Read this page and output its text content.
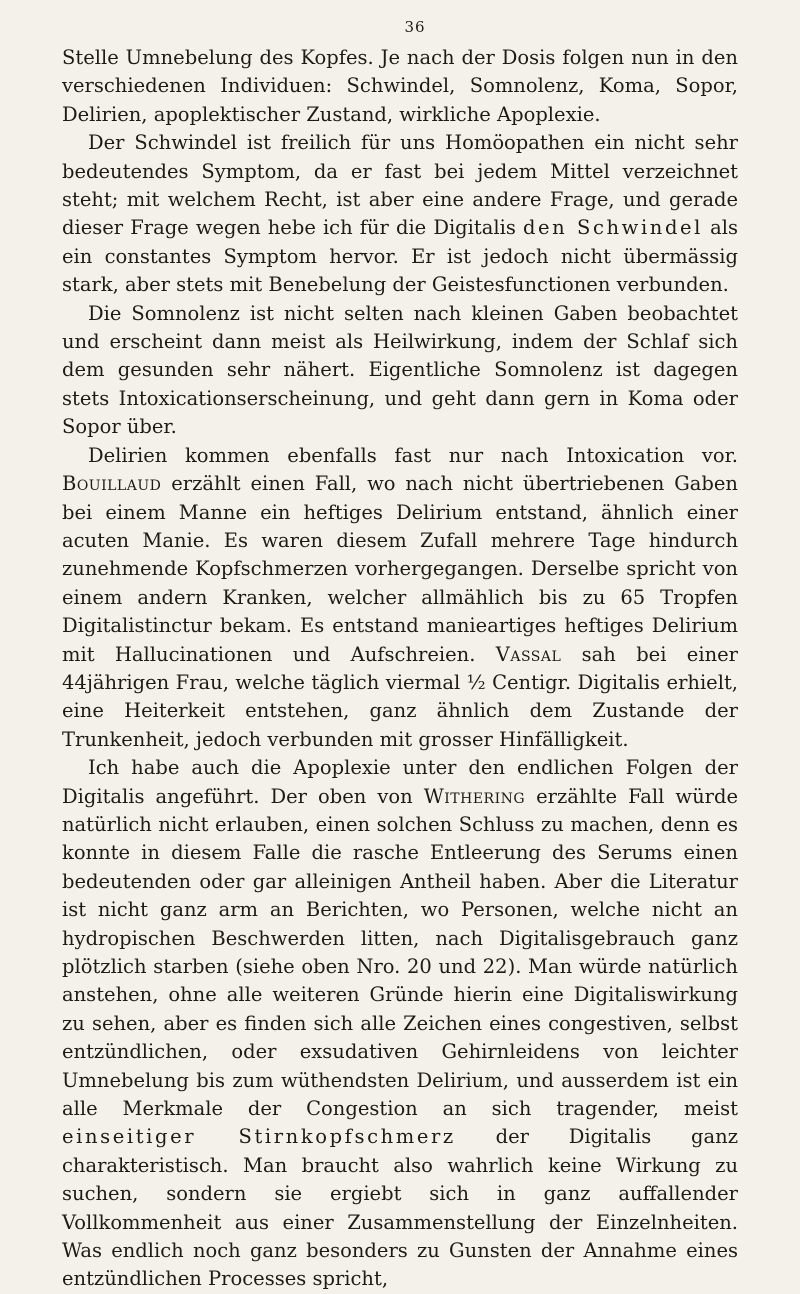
36

Stelle Umnebelung des Kopfes. Je nach der Dosis folgen nun in den verschiedenen Individuen: Schwindel, Somnolenz, Koma, Sopor, Delirien, apoplektischer Zustand, wirkliche Apoplexie.

Der Schwindel ist freilich für uns Homöopathen ein nicht sehr bedeutendes Symptom, da er fast bei jedem Mittel verzeichnet steht; mit welchem Recht, ist aber eine andere Frage, und gerade dieser Frage wegen hebe ich für die Digitalis den Schwindel als ein constantes Symptom hervor. Er ist jedoch nicht übermässig stark, aber stets mit Benebelung der Geistesfunctionen verbunden.

Die Somnolenz ist nicht selten nach kleinen Gaben beobachtet und erscheint dann meist als Heilwirkung, indem der Schlaf sich dem gesunden sehr nähert. Eigentliche Somnolenz ist dagegen stets Intoxicationserscheinung, und geht dann gern in Koma oder Sopor über.

Delirien kommen ebenfalls fast nur nach Intoxication vor. Bouillaud erzählt einen Fall, wo nach nicht übertriebenen Gaben bei einem Manne ein heftiges Delirium entstand, ähnlich einer acuten Manie. Es waren diesem Zufall mehrere Tage hindurch zunehmende Kopfschmerzen vorhergegangen. Derselbe spricht von einem andern Kranken, welcher allmählich bis zu 65 Tropfen Digitalistinctur bekam. Es entstand manieartiges heftiges Delirium mit Hallucinationen und Aufschreien. Vassal sah bei einer 44jährigen Frau, welche täglich viermal ½ Centigr. Digitalis erhielt, eine Heiterkeit entstehen, ganz ähnlich dem Zustande der Trunkenheit, jedoch verbunden mit grosser Hinfälligkeit.

Ich habe auch die Apoplexie unter den endlichen Folgen der Digitalis angeführt. Der oben von Withering erzählte Fall würde natürlich nicht erlauben, einen solchen Schluss zu machen, denn es konnte in diesem Falle die rasche Entleerung des Serums einen bedeutenden oder gar alleinigen Antheil haben. Aber die Literatur ist nicht ganz arm an Berichten, wo Personen, welche nicht an hydropischen Beschwerden litten, nach Digitalisgebrauch ganz plötzlich starben (siehe oben Nro. 20 und 22). Man würde natürlich anstehen, ohne alle weiteren Gründe hierin eine Digitaliswirkung zu sehen, aber es finden sich alle Zeichen eines congestiven, selbst entzündlichen, oder exsudativen Gehirnleidens von leichter Umnebelung bis zum wüthendsten Delirium, und ausserdem ist ein alle Merkmale der Congestion an sich tragender, meist einseitiger Stirnkopfschmerz der Digitalis ganz charakteristisch. Man braucht also wahrlich keine Wirkung zu suchen, sondern sie ergiebt sich in ganz auffallender Vollkommenheit aus einer Zusammenstellung der Einzelnheiten. Was endlich noch ganz besonders zu Gunsten der Annahme eines entzündlichen Processes spricht,
